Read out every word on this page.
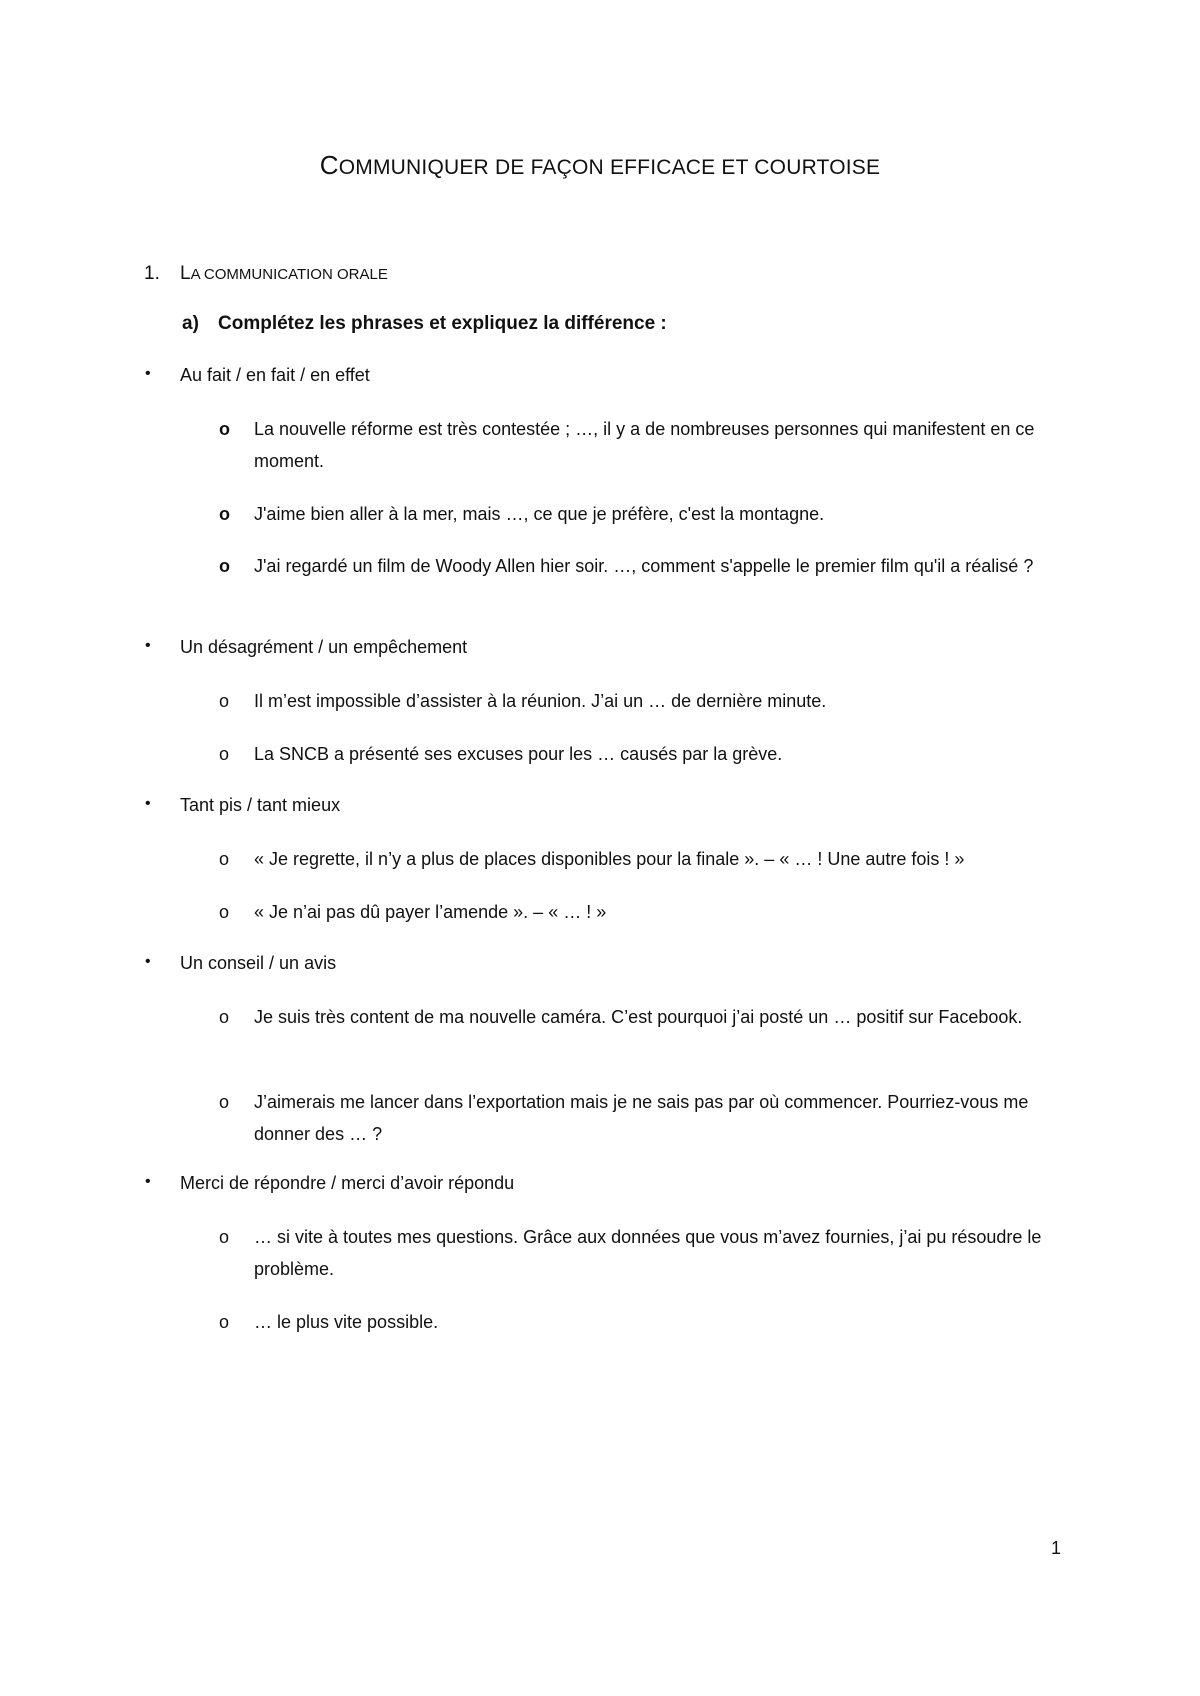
COMMUNIQUER DE FAÇON EFFICACE ET COURTOISE
1. LA COMMUNICATION ORALE
a) Complétez les phrases et expliquez la différence :
• Au fait / en fait / en effet
o La nouvelle réforme est très contestée ; …, il y a de nombreuses personnes qui manifestent en ce moment.
o J'aime bien aller à la mer, mais …, ce que je préfère, c'est la montagne.
o J'ai regardé un film de Woody Allen hier soir. …, comment s'appelle le premier film qu'il a réalisé ?
• Un désagrément / un empêchement
o Il m’est impossible d’assister à la réunion. J’ai un … de dernière minute.
o La SNCB a présenté ses excuses pour les … causés par la grève.
• Tant pis / tant mieux
o « Je regrette, il n’y a plus de places disponibles pour la finale ». – « … ! Une autre fois ! »
o « Je n’ai pas dû payer l’amende ». – « … ! »
• Un conseil / un avis
o Je suis très content de ma nouvelle caméra. C’est pourquoi j’ai posté un … positif sur Facebook.
o J’aimerais me lancer dans l’exportation mais je ne sais pas par où commencer. Pourriez-vous me donner des … ?
• Merci de répondre / merci d’avoir répondu
o … si vite à toutes mes questions. Grâce aux données que vous m’avez fournies, j’ai pu résoudre le problème.
o … le plus vite possible.
1
